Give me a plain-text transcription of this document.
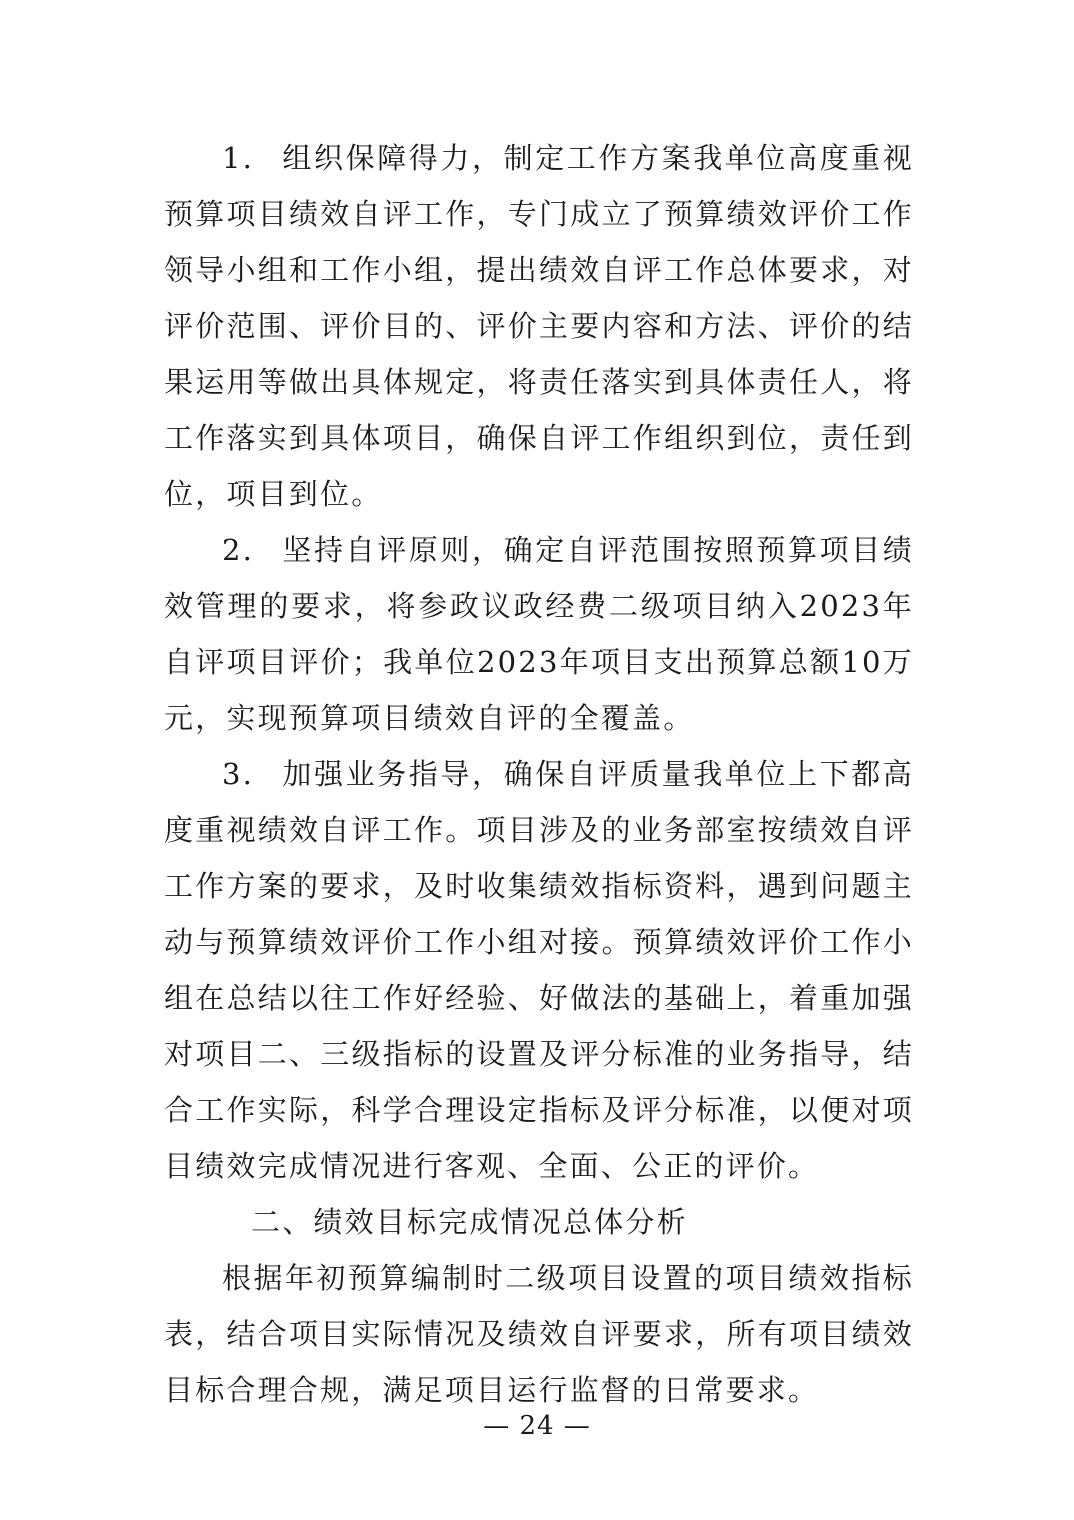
1. 组织保障得力，制定工作方案我单位高度重视预算项目绩效自评工作，专门成立了预算绩效评价工作领导小组和工作小组，提出绩效自评工作总体要求，对评价范围、评价目的、评价主要内容和方法、评价的结果运用等做出具体规定，将责任落实到具体责任人，将工作落实到具体项目，确保自评工作组织到位，责任到位，项目到位。

2. 坚持自评原则，确定自评范围按照预算项目绩效管理的要求，将参政议政经费二级项目纳入2023年自评项目评价；我单位2023年项目支出预算总额10万元，实现预算项目绩效自评的全覆盖。

3. 加强业务指导，确保自评质量我单位上下都高度重视绩效自评工作。项目涉及的业务部室按绩效自评工作方案的要求，及时收集绩效指标资料，遇到问题主动与预算绩效评价工作小组对接。预算绩效评价工作小组在总结以往工作好经验、好做法的基础上，着重加强对项目二、三级指标的设置及评分标准的业务指导，结合工作实际，科学合理设定指标及评分标准，以便对项目绩效完成情况进行客观、全面、公正的评价。

二、绩效目标完成情况总体分析

根据年初预算编制时二级项目设置的项目绩效指标表，结合项目实际情况及绩效自评要求，所有项目绩效目标合理合规，满足项目运行监督的日常要求。

— 24 —
